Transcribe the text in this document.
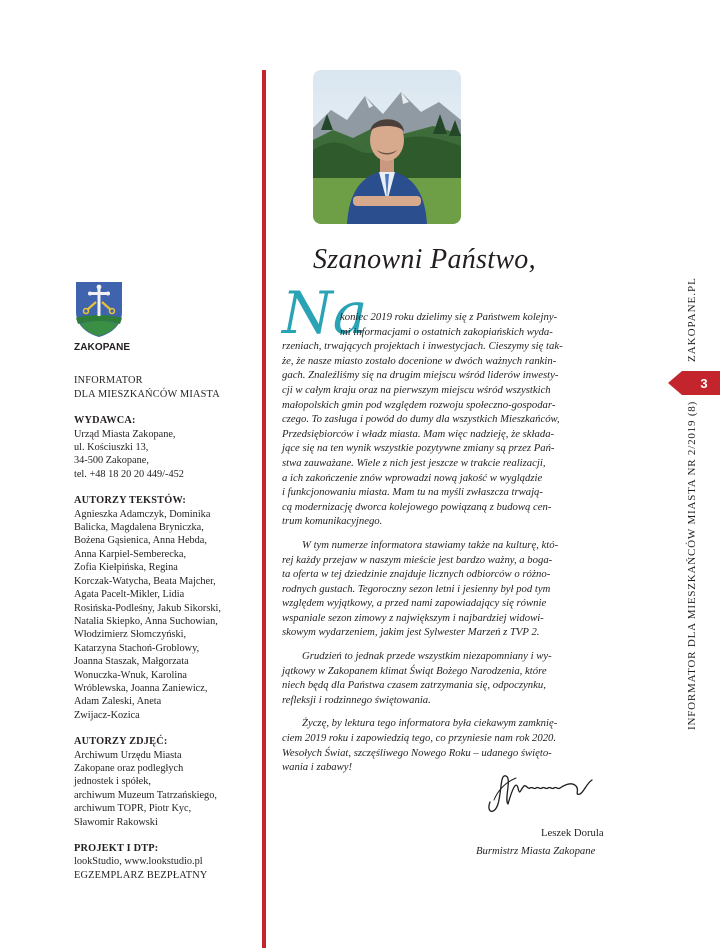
ZAKOPANE
INFORMATOR
DLA MIESZKAŃCÓW MIASTA
WYDAWCA:
Urząd Miasta Zakopane,
ul. Kościuszki 13,
34-500 Zakopane,
tel. +48 18 20 20 449/-452
AUTORZY TEKSTÓW:
Agnieszka Adamczyk, Dominika
Balicka, Magdalena Bryniczka,
Bożena Gąsienica, Anna Hebda,
Anna Karpiel-Semberecka,
Zofia Kiełpińska, Regina
Korczak-Watycha, Beata Majcher,
Agata Pacelt-Mikler, Lidia
Rosińska-Podleśny, Jakub Sikorski,
Natalia Skiepko, Anna Suchowian,
Włodzimierz Słomczyński,
Katarzyna Stachoń-Groblowy,
Joanna Staszak, Małgorzata
Wonuczka-Wnuk, Karolina
Wróblewska, Joanna Zaniewicz,
Adam Zaleski, Aneta
Zwijacz-Kozica
AUTORZY ZDJĘĆ:
Archiwum Urzędu Miasta
Zakopane oraz podległych
jednostek i spółek,
archiwum Muzeum Tatrzańskiego,
archiwum TOPR, Piotr Kyc,
Sławomir Rakowski
PROJEKT I DTP:
lookStudio, www.lookstudio.pl
EGZEMPLARZ BEZPŁATNY
Szanowni Państwo,
Na
koniec 2019 roku dzielimy się z Państwem kolejny-
mi informacjami o ostatnich zakopiańskich wyda-
rzeniach, trwających projektach i inwestycjach. Cieszymy się tak-
że, że nasze miasto zostało docenione w dwóch ważnych rankin-
gach. Znaleźliśmy się na drugim miejscu wśród liderów inwesty-
cji w całym kraju oraz na pierwszym miejscu wśród wszystkich
małopolskich gmin pod względem rozwoju społeczno-gospodar-
czego. To zasługa i powód do dumy dla wszystkich Mieszkańców,
Przedsiębiorców i władz miasta. Mam więc nadzieję, że składa-
jące się na ten wynik wszystkie pozytywne zmiany są przez Pań-
stwa zauważane. Wiele z nich jest jeszcze w trakcie realizacji,
a ich zakończenie znów wprowadzi nową jakość w wyglądzie
i funkcjonowaniu miasta. Mam tu na myśli zwłaszcza trwają-
cą modernizację dworca kolejowego powiązaną z budową cen-
trum komunikacyjnego.
W tym numerze informatora stawiamy także na kulturę, któ-
rej każdy przejaw w naszym mieście jest bardzo ważny, a boga-
ta oferta w tej dziedzinie znajduje licznych odbiorców o różno-
rodnych gustach. Tegoroczny sezon letni i jesienny był pod tym
względem wyjątkowy, a przed nami zapowiadający się równie
wspaniale sezon zimowy z największym i najbardziej widowi-
skowym wydarzeniem, jakim jest Sylwester Marzeń z TVP 2.
Grudzień to jednak przede wszystkim niezapomniany i wy-
jątkowy w Zakopanem klimat Świąt Bożego Narodzenia, które
niech będą dla Państwa czasem zatrzymania się, odpoczynku,
refleksji i rodzinnego świętowania.
Życzę, by lektura tego informatora była ciekawym zamknię-
ciem 2019 roku i zapowiedzią tego, co przyniesie nam rok 2020.
Wesołych Świat, szczęśliwego Nowego Roku – udanego święto-
wania i zabawy!
Leszek Dorula
Burmistrz Miasta Zakopane
ZAKOPANE.PL
INFORMATOR DLA MIESZKAŃCÓW MIASTA NR 2/2019 (8)
3
